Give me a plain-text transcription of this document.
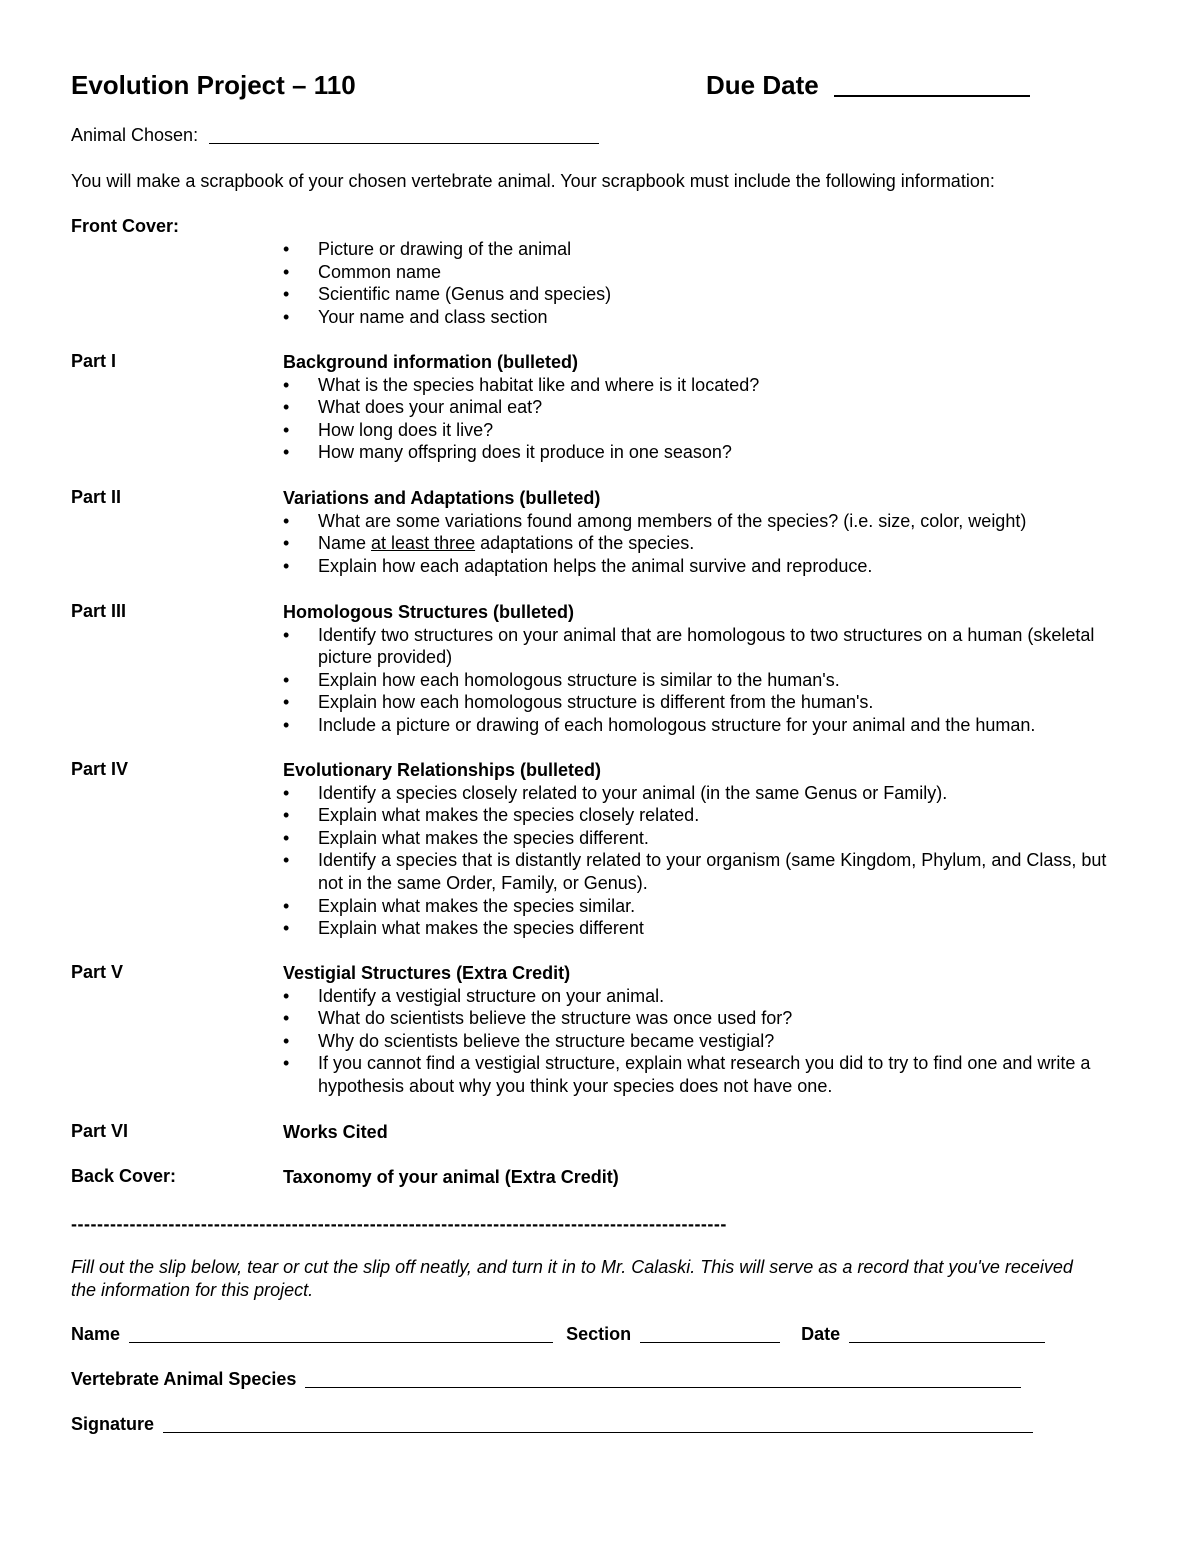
Evolution Project – 110	Due Date
Animal Chosen:
You will make a scrapbook of your chosen vertebrate animal. Your scrapbook must include the following information:
Front Cover:
• Picture or drawing of the animal
• Common name
• Scientific name (Genus and species)
• Your name and class section
Part I	Background information (bulleted)
• What is the species habitat like and where is it located?
• What does your animal eat?
• How long does it live?
• How many offspring does it produce in one season?
Part II	Variations and Adaptations (bulleted)
• What are some variations found among members of the species? (i.e. size, color, weight)
• Name at least three adaptations of the species.
• Explain how each adaptation helps the animal survive and reproduce.
Part III	Homologous Structures (bulleted)
• Identify two structures on your animal that are homologous to two structures on a human (skeletal picture provided)
• Explain how each homologous structure is similar to the human's.
• Explain how each homologous structure is different from the human's.
• Include a picture or drawing of each homologous structure for your animal and the human.
Part IV	Evolutionary Relationships (bulleted)
• Identify a species closely related to your animal (in the same Genus or Family).
• Explain what makes the species closely related.
• Explain what makes the species different.
• Identify a species that is distantly related to your organism (same Kingdom, Phylum, and Class, but not in the same Order, Family, or Genus).
• Explain what makes the species similar.
• Explain what makes the species different
Part V	Vestigial Structures (Extra Credit)
• Identify a vestigial structure on your animal.
• What do scientists believe the structure was once used for?
• Why do scientists believe the structure became vestigial?
• If you cannot find a vestigial structure, explain what research you did to try to find one and write a hypothesis about why you think your species does not have one.
Part VI	Works Cited
Back Cover:	Taxonomy of your animal (Extra Credit)
-----------------------------------------------------------------------------------------------------
Fill out the slip below, tear or cut the slip off neatly, and turn it in to Mr. Calaski. This will serve as a record that you've received the information for this project.
Name	Section	Date
Vertebrate Animal Species
Signature
